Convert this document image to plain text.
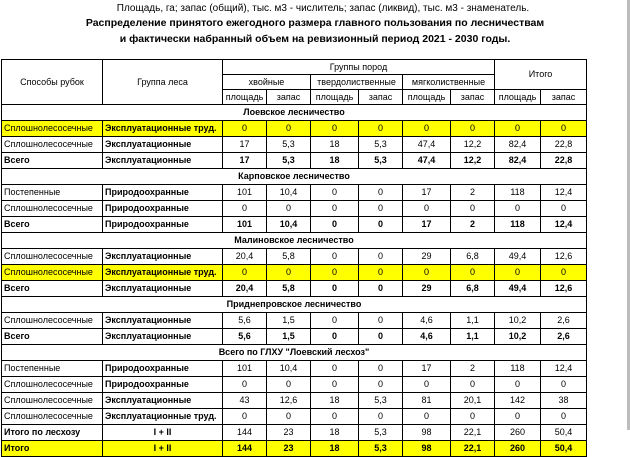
Площадь, га; запас (общий), тыс. м3 - числитель; запас (ликвид), тыс. м3 - знаменатель.
Распределение принятого ежегодного размера главного пользования по лесничествам
и фактически набранный объем на ревизионный период 2021 - 2030 годы.
Способы рубок	Группа леса	Группы пород						Итого	
		хвойные		твердолиственные		мягколиственные			
		площадь	запас	площадь	запас	площадь	запас	площадь	запас
Лоевское лесничество									
Сплошнолесосечные	Эксплуатационные труд.	0	0	0	0	0	0	0	0
Сплошнолесосечные	Эксплуатационные	17	5,3	18	5,3	47,4	12,2	82,4	22,8
Всего	Эксплуатационные	17	5,3	18	5,3	47,4	12,2	82,4	22,8
Карповское лесничество									
Постепенные	Природоохранные	101	10,4	0	0	17	2	118	12,4
Сплошнолесосечные	Природоохранные	0	0	0	0	0	0	0	0
Всего	Природоохранные	101	10,4	0	0	17	2	118	12,4
Малиновское лесничество									
Сплошнолесосечные	Эксплуатационные	20,4	5,8	0	0	29	6,8	49,4	12,6
Сплошнолесосечные	Эксплуатационные труд.	0	0	0	0	0	0	0	0
Всего	Эксплуатационные	20,4	5,8	0	0	29	6,8	49,4	12,6
Приднепровское лесничество									
Сплошнолесосечные	Эксплуатационные	5,6	1,5	0	0	4,6	1,1	10,2	2,6
Всего	Эксплуатационные	5,6	1,5	0	0	4,6	1,1	10,2	2,6
Всего по ГЛХУ "Лоевский лесхоз"									
Постепенные	Природоохранные	101	10,4	0	0	17	2	118	12,4
Сплошнолесосечные	Природоохранные	0	0	0	0	0	0	0	0
Сплошнолесосечные	Эксплуатационные	43	12,6	18	5,3	81	20,1	142	38
Сплошнолесосечные	Эксплуатационные труд.	0	0	0	0	0	0	0	0
Итого по лесхозу	I + II	144	23	18	5,3	98	22,1	260	50,4
Итого	I + II	144	23	18	5,3	98	22,1	260	50,4
